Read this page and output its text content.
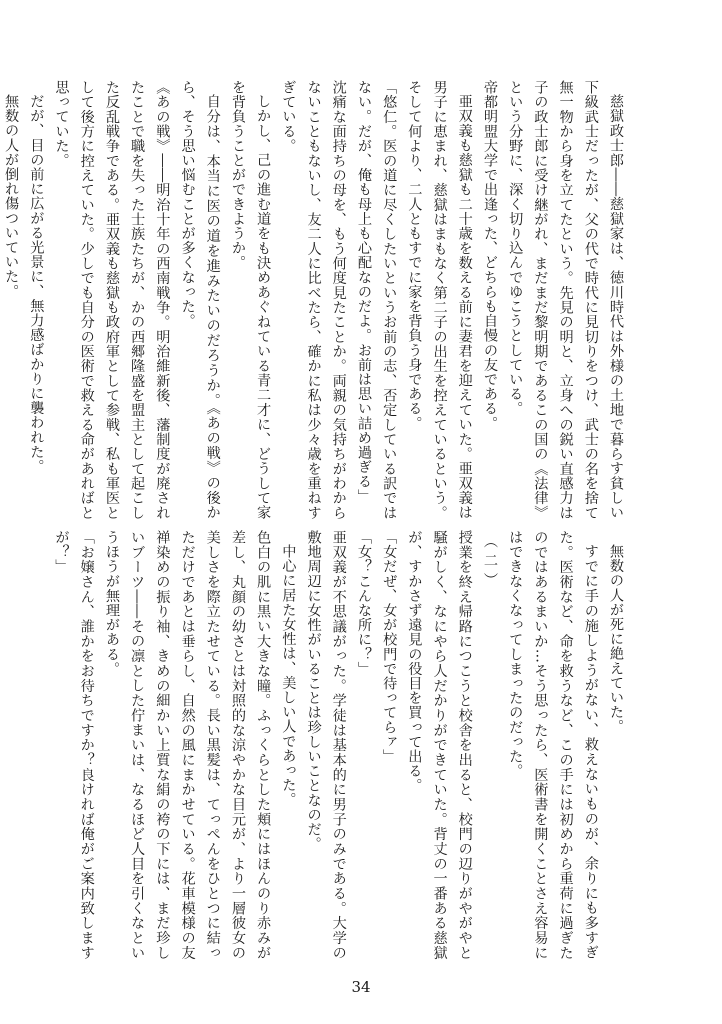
慈獄政士郎――慈獄家は、徳川時代は外様の土地で暮らす貧しい下級武士だったが、父の代で時代に見切りをつけ、武士の名を捨て無一物から身を立てたという。先見の明と、立身への鋭い直感力は子の政士郎に受け継がれ、まだまだ黎明期であるこの国の《法律》という分野に、深く切り込んでゆこうとしている。

帝都明盟大学で出逢った、どちらも自慢の友である。

亜双義も慈獄も二十歳を数える前に妻君を迎えていた。亜双義は男子に恵まれ、慈獄はまもなく第二子の出生を控えているという。そして何より、二人ともすでに家を背負う身である。

「悠仁。医の道に尽くしたいというお前の志、否定している訳ではない。だが、俺も母上も心配なのだよ。お前は思い詰め過ぎる」

沈痛な面持ちの母を、もう何度見たことか。両親の気持ちがわからないこともないし、友二人に比べたら、確かに私は少々歳を重ねすぎている。

しかし、己の進む道をも決めあぐねている青二才に、どうして家を背負うことができようか。

自分は、本当に医の道を進みたいのだろうか。《あの戦》の後から、そう思い悩むことが多くなった。

《あの戦》――明治十年の西南戦争。明治維新後、藩制度が廃されたことで職を失った士族たちが、かの西郷隆盛を盟主として起こした反乱戦争である。亜双義も慈獄も政府軍として参戦、私も軍医として後方に控えていた。少しでも自分の医術で救える命があればと思っていた。

だが、目の前に広がる光景に、無力感ばかりに襲われた。

無数の人が倒れ傷ついていた。

無数の人が死に絶えていた。

すでに手の施しようがない、救えないものが、余りにも多すぎた。医術など、命を救うなど、この手には初めから重荷に過ぎたのではあるまいか…そう思ったら、医術書を開くことさえ容易にはできなくなってしまったのだった。

（二）

授業を終え帰路につこうと校舎を出ると、校門の辺りがやがやと騒がしく、なにやら人だかりができていた。背丈の一番ある慈獄が、すかさず遠見の役目を買って出る。

「女だぜ、女が校門で待ってらァ」

「女？こんな所に？」

亜双義が不思議がった。学徒は基本的に男子のみである。大学の敷地周辺に女性がいることは珍しいことなのだ。

中心に居た女性は、美しい人であった。

色白の肌に黒い大きな瞳。ふっくらとした頬にはほんのり赤みが差し、丸顔の幼さとは対照的な涼やかな目元が、より一層彼女の美しさを際立たせている。長い黒髪は、てっぺんをひとつに結っただけであとは垂らし、自然の風にまかせている。花車模様の友禅染めの振り袖、きめの細かい上質な絹の袴の下には、まだ珍しいブーツ――その凛とした佇まいは、なるほど人目を引くなというほうが無理がある。

「お嬢さん、誰かをお待ちですか？良ければ俺がご案内致しますが？」

34
